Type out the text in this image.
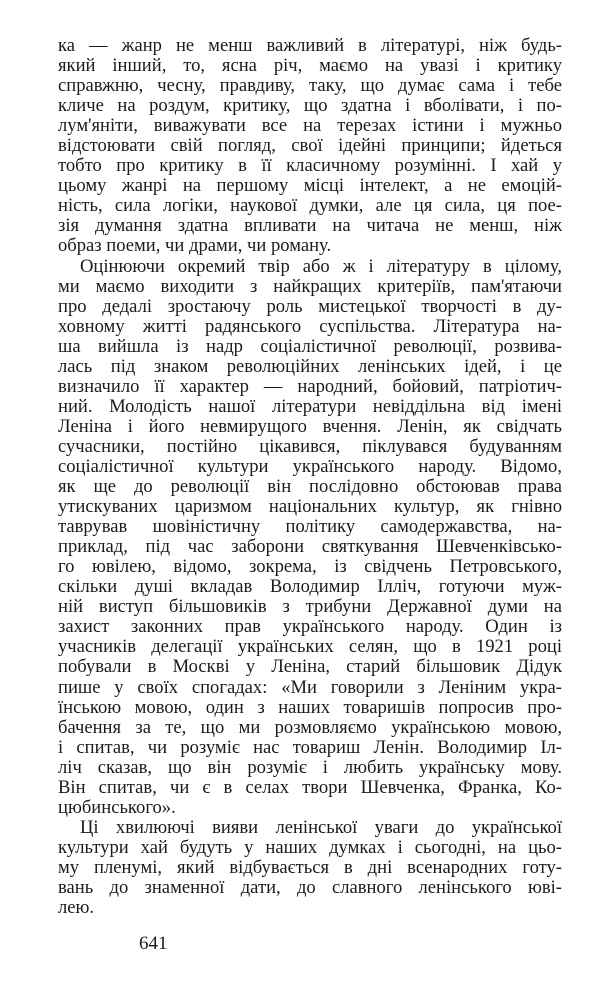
ка — жанр не менш важливий в літературі, ніж будь-
який інший, то, ясна річ, маємо на увазі і критику
справжню, чесну, правдиву, таку, що думає сама і тебе
кличе на роздум, критику, що здатна і вболівати, і по-
лум'яніти, виважувати все на терезах істини і мужньо
відстоювати свій погляд, свої ідейні принципи; йдеться
тобто про критику в її класичному розумінні. І хай у
цьому жанрі на першому місці інтелект, а не емоцій-
ність, сила логіки, наукової думки, але ця сила, ця пое-
зія думання здатна впливати на читача не менш, ніж
образ поеми, чи драми, чи роману.
Оцінюючи окремий твір або ж і літературу в цілому,
ми маємо виходити з найкращих критеріїв, пам'ятаючи
про дедалі зростаючу роль мистецької творчості в ду-
ховному житті радянського суспільства. Література на-
ша вийшла із надр соціалістичної революції, розвива-
лась під знаком революційних ленінських ідей, і це
визначило її характер — народний, бойовий, патріотич-
ний. Молодість нашої літератури невіддільна від імені
Леніна і його невмирущого вчення. Ленін, як свідчать
сучасники, постійно цікавився, піклувався будуванням
соціалістичної культури українського народу. Відомо,
як ще до революції він послідовно обстоював права
утискуваних царизмом національних культур, як гнівно
таврував шовіністичну політику самодержавства, на-
приклад, під час заборони святкування Шевченківсько-
го ювілею, відомо, зокрема, із свідчень Петровського,
скільки душі вкладав Володимир Ілліч, готуючи муж-
ній виступ більшовиків з трибуни Державної думи на
захист законних прав українського народу. Один із
учасників делегації українських селян, що в 1921 році
побували в Москві у Леніна, старий більшовик Дідук
пише у своїх спогадах: «Ми говорили з Леніним укра-
їнською мовою, один з наших товаришів попросив про-
бачення за те, що ми розмовляємо українською мовою,
і спитав, чи розуміє нас товариш Ленін. Володимир Іл-
ліч сказав, що він розуміє і любить українську мову.
Він спитав, чи є в селах твори Шевченка, Франка, Ко-
цюбинського».
Ці хвилюючі вияви ленінської уваги до української
культури хай будуть у наших думках і сьогодні, на цьо-
му пленумі, який відбувається в дні всенародних готу-
вань до знаменної дати, до славного ленінського юві-
лею.
641
